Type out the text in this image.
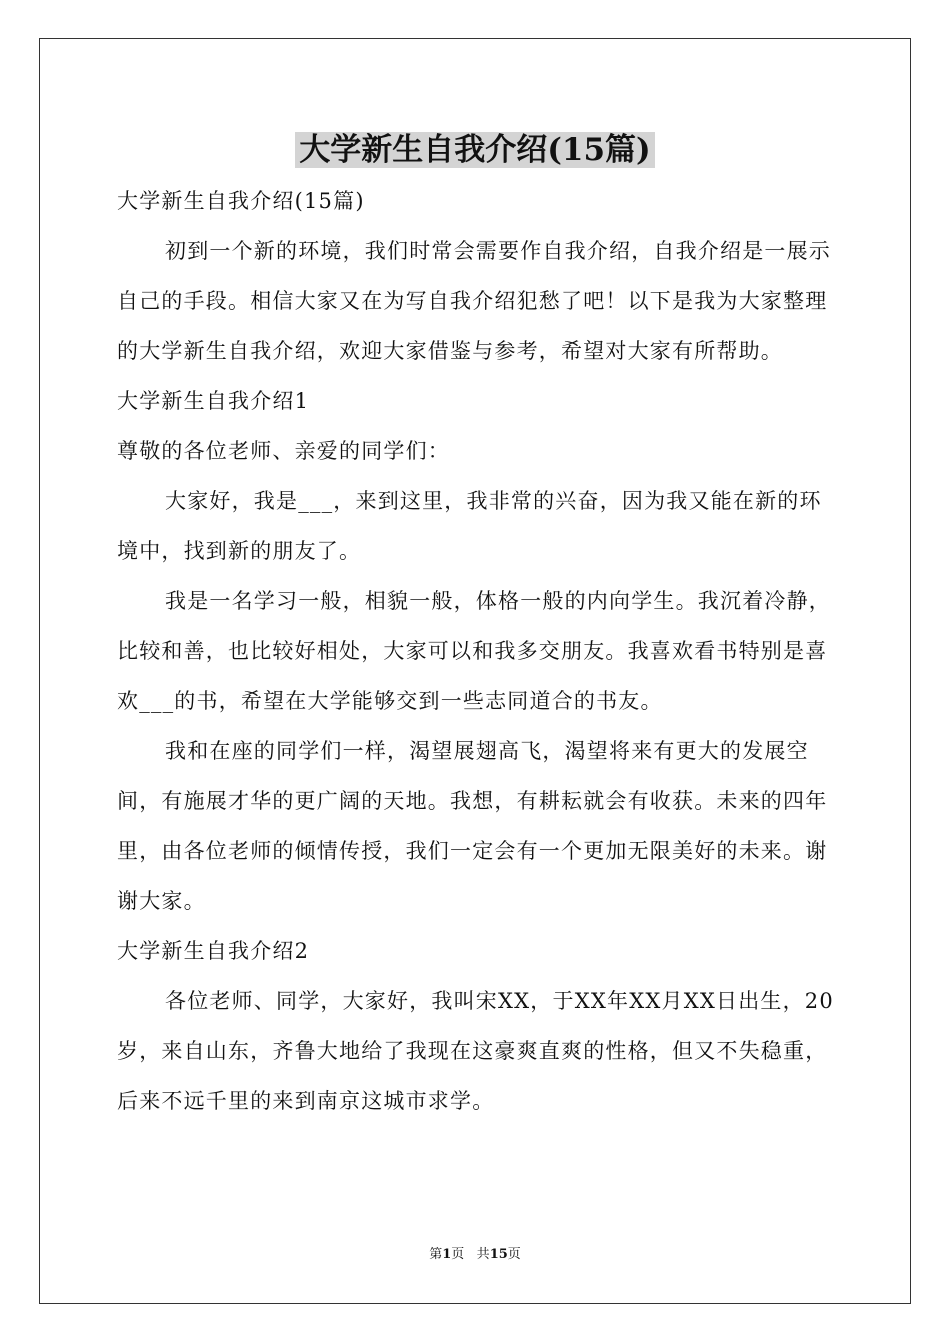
大学新生自我介绍(15篇)

大学新生自我介绍(15篇)

初到一个新的环境，我们时常会需要作自我介绍，自我介绍是一展示自己的手段。相信大家又在为写自我介绍犯愁了吧！以下是我为大家整理的大学新生自我介绍，欢迎大家借鉴与参考，希望对大家有所帮助。

大学新生自我介绍1

尊敬的各位老师、亲爱的同学们：

大家好，我是___，来到这里，我非常的兴奋，因为我又能在新的环境中，找到新的朋友了。

我是一名学习一般，相貌一般，体格一般的内向学生。我沉着冷静，比较和善，也比较好相处，大家可以和我多交朋友。我喜欢看书特别是喜欢___的书，希望在大学能够交到一些志同道合的书友。

我和在座的同学们一样，渴望展翅高飞，渴望将来有更大的发展空间，有施展才华的更广阔的天地。我想，有耕耘就会有收获。未来的四年里，由各位老师的倾情传授，我们一定会有一个更加无限美好的未来。谢谢大家。

大学新生自我介绍2

各位老师、同学，大家好，我叫宋XX，于XX年XX月XX日出生，20岁，来自山东，齐鲁大地给了我现在这豪爽直爽的性格，但又不失稳重，后来不远千里的来到南京这城市求学。

第1页 共15页
